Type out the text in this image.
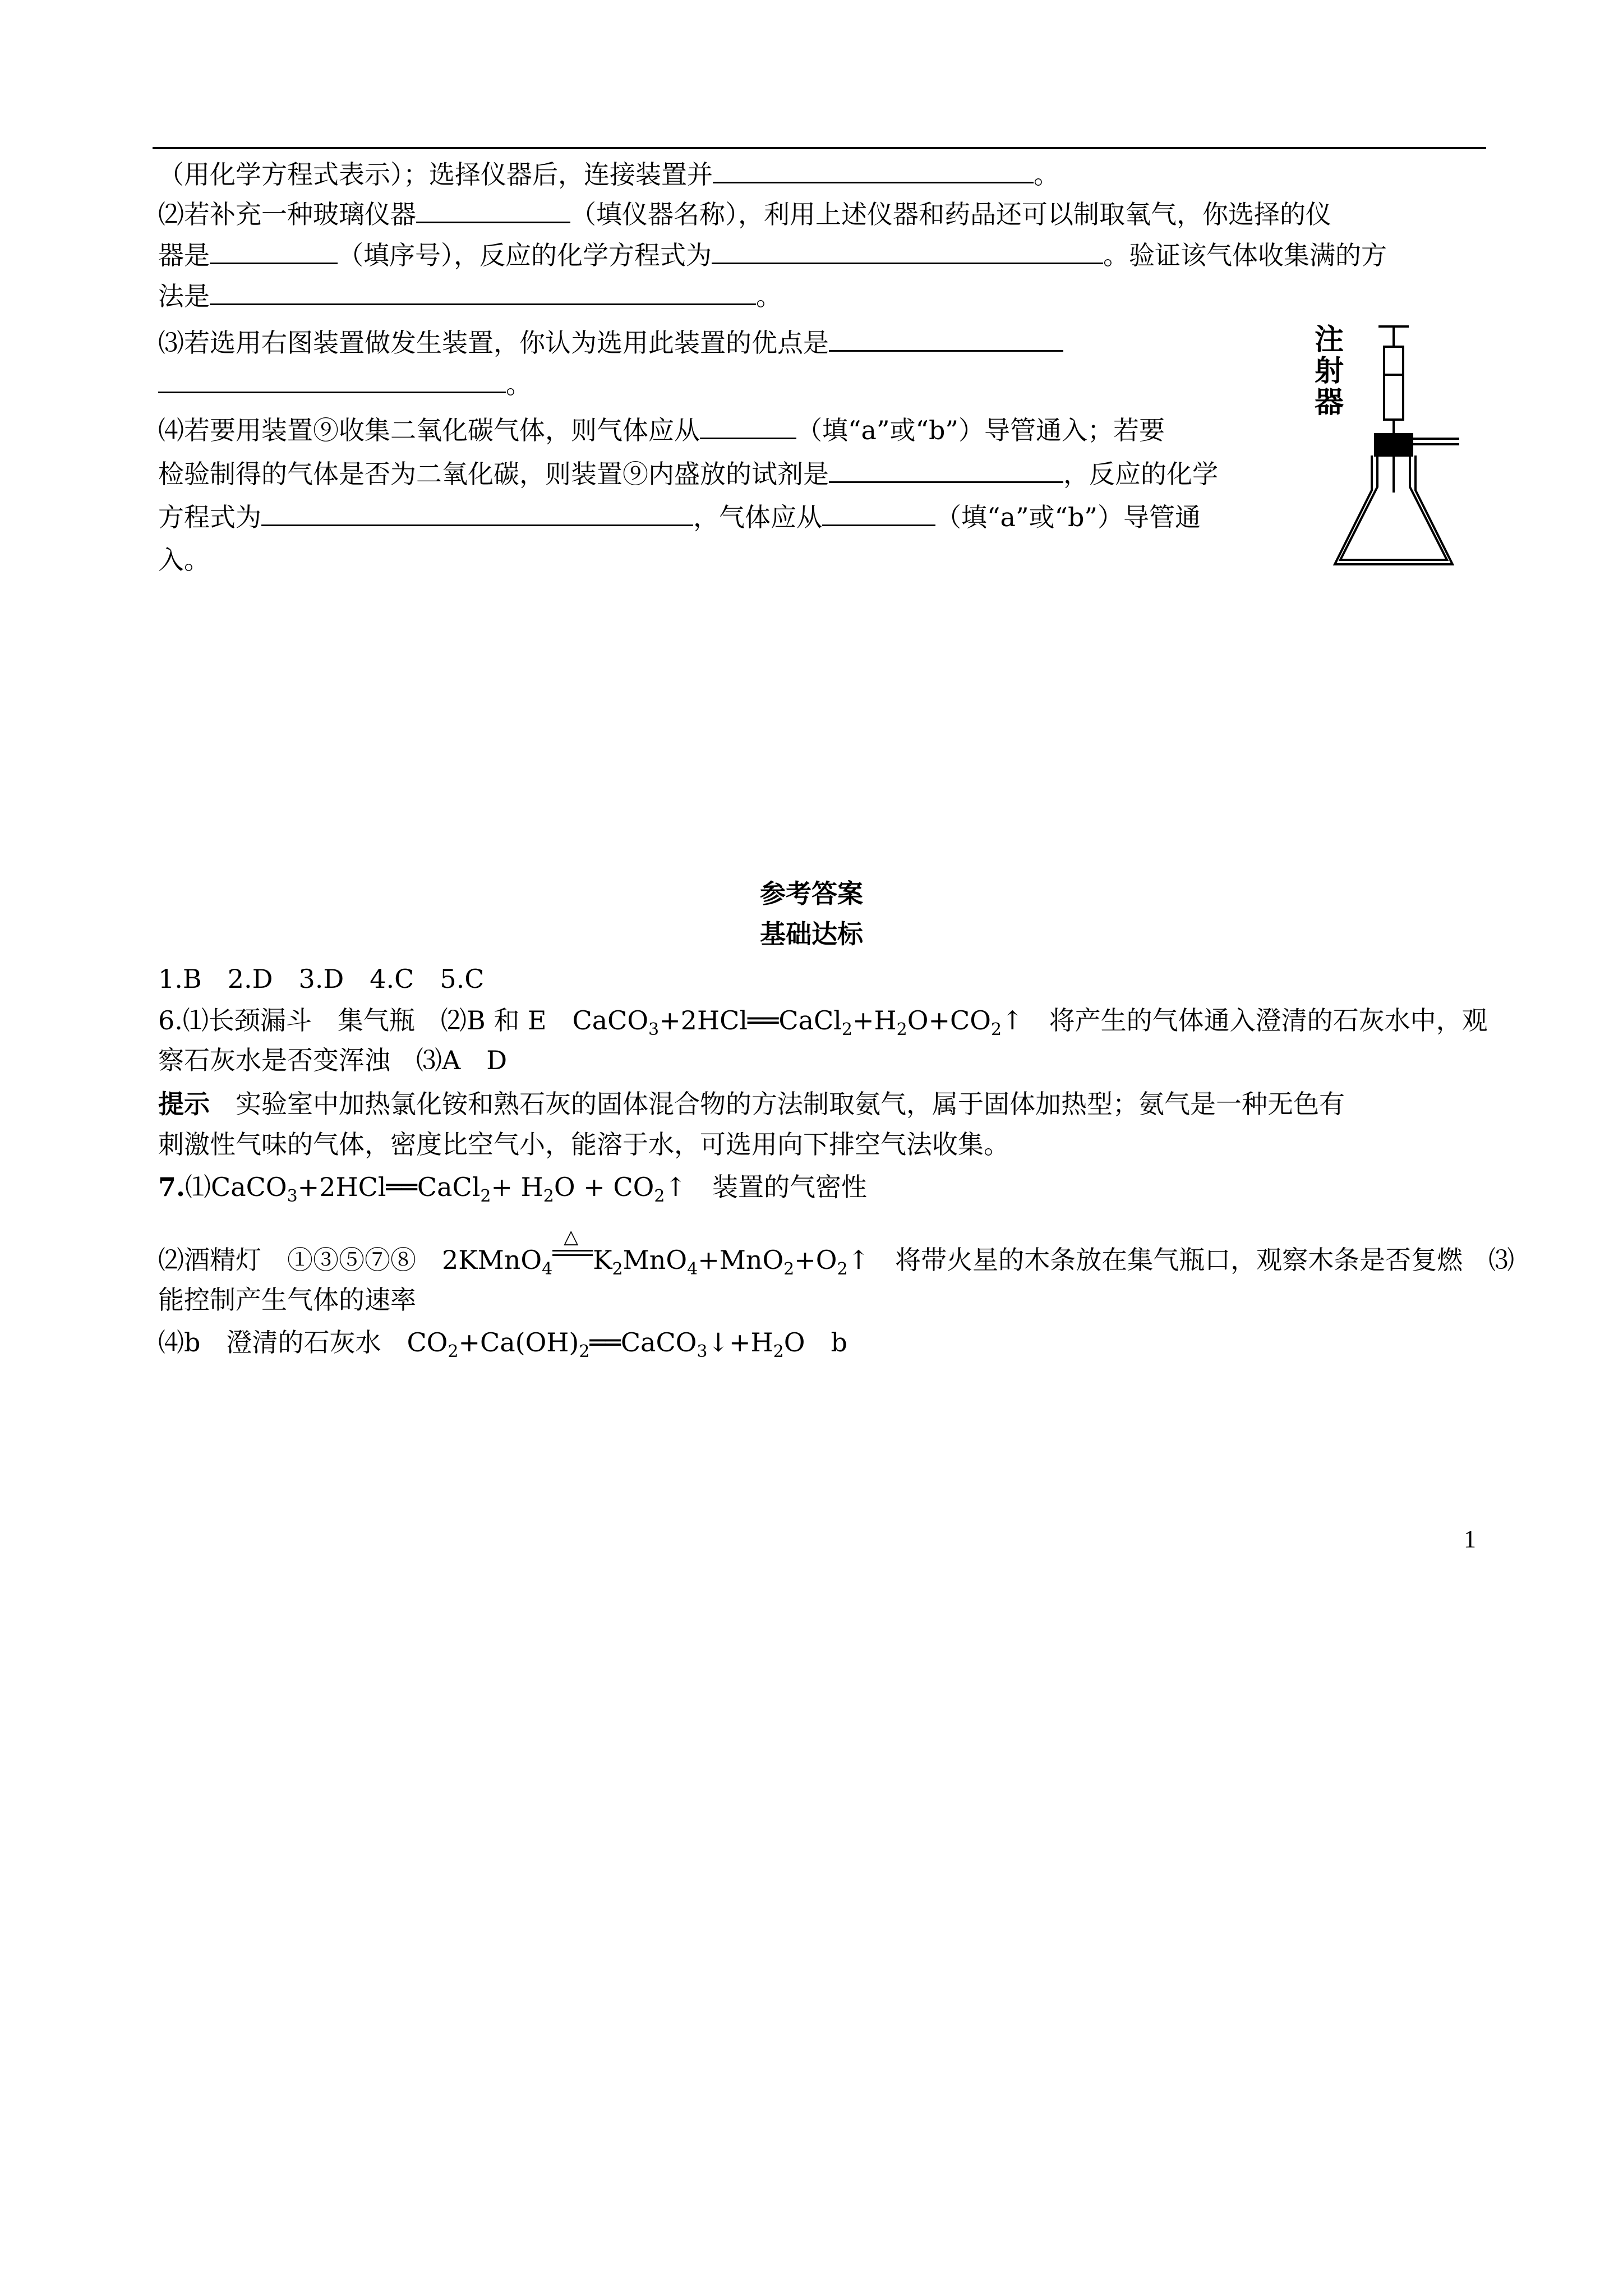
（用化学方程式表示）；选择仪器后，连接装置并	。
⑵若补充一种玻璃仪器	（填仪器名称），利用上述仪器和药品还可以制取氧气，你选择的仪
器是	（填序号），反应的化学方程式为	。验证该气体收集满的方
法是	。
⑶若选用右图装置做发生装置，你认为选用此装置的优点是
。
⑷若要用装置⑨收集二氧化碳气体，则气体应从	（填“a”或“b”）导管通入；若要
检验制得的气体是否为二氧化碳，则装置⑨内盛放的试剂是	，反应的化学
方程式为	，气体应从	（填“a”或“b”）导管通
入。
注
射
器
参考答案
基础达标
1.B　2.D　3.D　4.C　5.C
6.⑴长颈漏斗　集气瓶　⑵B 和 E　$CaCO_3+2HCl══CaCl_2+H_2O+CO_2↑$　将产生的气体通入澄清的石灰水中，观
察石灰水是否变浑浊　⑶A　D
提示　实验室中加热氯化铵和熟石灰的固体混合物的方法制取氨气，属于固体加热型；氨气是一种无色有
刺激性气味的气体，密度比空气小，能溶于水，可选用向下排空气法收集。
7.⑴CaCO$_3$+2HCl══CaCl$_2$+ $H_2O$ + $CO_2↑$　装置的气密性
⑵酒精灯　①③⑤⑦⑧　2KMnO$_4$
△
$K_2MnO_4+MnO_2+O_2↑$　将带火星的木条放在集气瓶口，观察木条是否复燃　⑶
能控制产生气体的速率
⑷b　澄清的石灰水　$CO_2+Ca(OH)_2══CaCO_3↓+H_2O$　b
1
